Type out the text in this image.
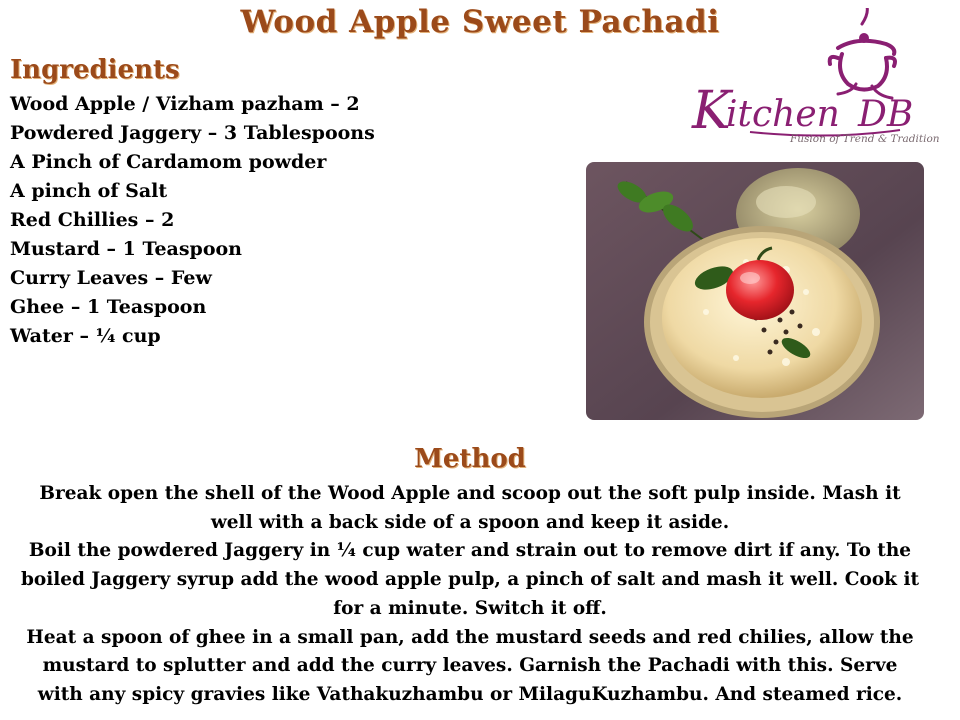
Wood Apple Sweet Pachadi
Ingredients
Wood Apple / Vizham pazham – 2
Powdered Jaggery – 3 Tablespoons
A Pinch of Cardamom powder
A pinch of Salt
Red Chillies – 2
Mustard – 1 Teaspoon
Curry Leaves – Few
Ghee – 1 Teaspoon
Water – ¼ cup
K
itchen DB
Fusion of Trend & Tradition
Method

Break open the shell of the Wood Apple and scoop out the soft pulp inside. Mash it well with a back side of a spoon and keep it aside.

Boil the powdered Jaggery in ¼ cup water and strain out to remove dirt if any. To the boiled Jaggery syrup add the wood apple pulp, a pinch of salt and mash it well. Cook it for a minute. Switch it off.

Heat a spoon of ghee in a small pan, add the mustard seeds and red chilies, allow the mustard to splutter and add the curry leaves. Garnish the Pachadi with this. Serve with any spicy gravies like Vathakuzhambu or MilaguKuzhambu. And steamed rice.
